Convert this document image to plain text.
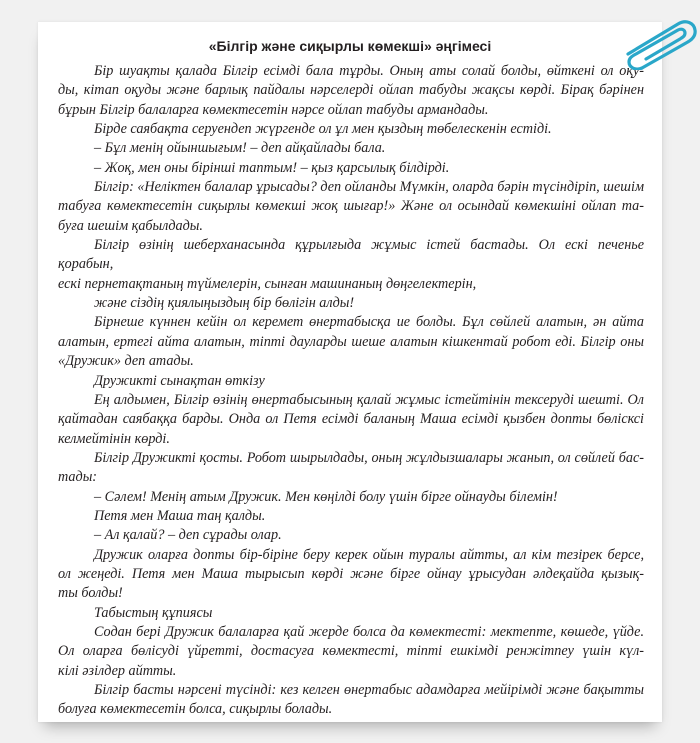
«Білгір және сиқырлы көмекші» әңгімесі

Бір шуақты қалада Білгір есімді бала тұрды. Оның аты солай болды, өйткені ол оқу-

ды, кітап оқуды және барлық пайдалы нәрселерді ойлап табуды жақсы көрді. Бірақ бәрінен

бұрын Білгір балаларға көмектесетін нәрсе ойлап табуды армандады.

Бірде саябақта серуендеп жүргенде ол ұл мен қыздың төбелескенін естіді.

– Бұл менің ойыншығым! – деп айқайлады бала.

– Жоқ, мен оны бірінші таптым! – қыз қарсылық білдірді.

Білгір: «Неліктен балалар ұрысады? деп ойланды Мүмкін, оларда бәрін түсіндіріп, шешім

табуға көмектесетін сиқырлы көмекші жоқ шығар!» Және ол осындай көмекшіні ойлап та-

буға шешім қабылдады.

Білгір өзінің шеберханасында құрылғыда жұмыс істей бастады. Ол ескі печенье қорабын,

ескі пернетақтаның түймелерін, сынған машинаның дөңгелектерін,

және сіздің қиялыңыздың бір бөлігін алды!

Бірнеше күннен кейін ол керемет өнертабысқа ие болды. Бұл сөйлей алатын, ән айта

алатын, ертегі айта алатын, тіпті дауларды шеше алатын кішкентай робот еді. Білгір оны

«Дружик» деп атады.

Дружикті сынақтан өткізу

Ең алдымен, Білгір өзінің өнертабысының қалай жұмыс істейтінін тексеруді шешті. Ол

қайтадан саябаққа барды. Онда ол Петя есімді баланың Маша есімді қызбен допты бөлісксі

келмейтінін көрді.

Білгір Дружикті қосты. Робот шырылдады, оның жұлдызшалары жанып, ол сөйлей бас-

тады:

– Сәлем! Менің атым Дружик. Мен көңілді болу үшін бірге ойнауды білемін!

Петя мен Маша таң қалды.

– Ал қалай? – деп сұрады олар.

Дружик оларға допты бір-біріне беру керек ойын туралы айтты, ал кім тезірек берсе,

ол жеңеді. Петя мен Маша тырысып көрді және бірге ойнау ұрысудан әлдеқайда қызық-

ты болды!

Табыстың құпиясы

Содан бері Дружик балаларға қай жерде болса да көмектесті: мектепте, көшеде, үйде.

Ол оларға бөлісуді үйретті, достасуға көмектесті, тіпті ешкімді ренжітпеу үшін күл-

кілі әзілдер айтты.

Білгір басты нәрсені түсінді: кез келген өнертабыс адамдарға мейірімді және бақытты

болуға көмектесетін болса, сиқырлы болады.
